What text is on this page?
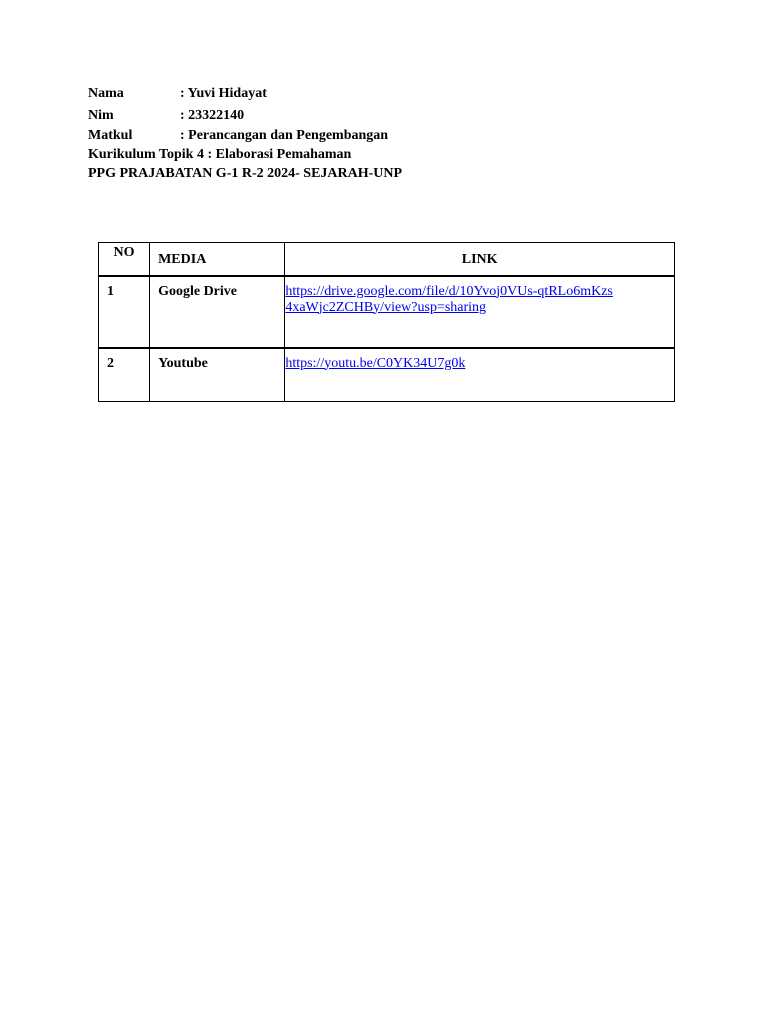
Nama	: Yuvi Hidayat
Nim	: 23322140
Matkul	: Perancangan dan Pengembangan
Kurikulum Topik 4 : Elaborasi Pemahaman
PPG PRAJABATAN G-1 R-2 2024- SEJARAH-UNP
NO	MEDIA	LINK
1	Google Drive	https://drive.google.com/file/d/10Yvoj0VUs-qtRLo6mKzs4xaWjc2ZCHBy/view?usp=sharing

2	Youtube	https://youtu.be/C0YK34U7g0k
